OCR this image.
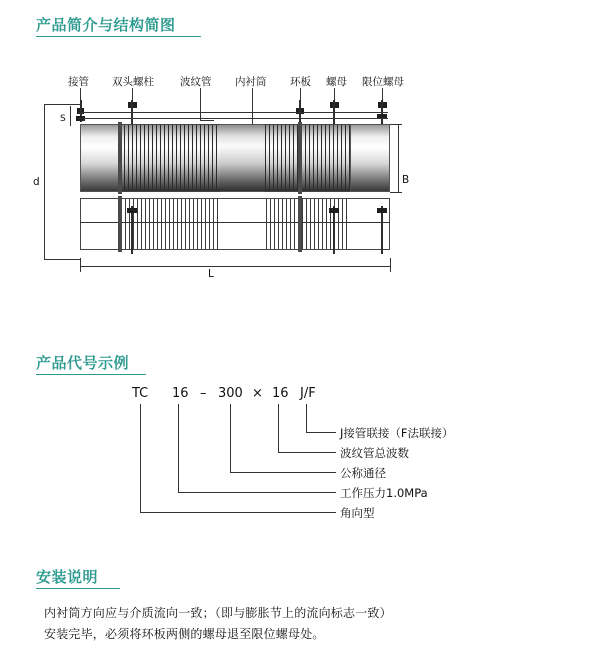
产品简介与结构简图
接管 双头螺柱 波纹管 内衬筒 环板 螺母 限位螺母
S
d	B
L
产品代号示例
TC 16 – 300 × 16 J/F
J接管联接（F法联接）
波纹管总波数
公称通径
工作压力1.0MPa
角向型
安装说明
内衬筒方向应与介质流向一致；（即与膨胀节上的流向标志一致）
安装完毕，必须将环板两侧的螺母退至限位螺母处。
